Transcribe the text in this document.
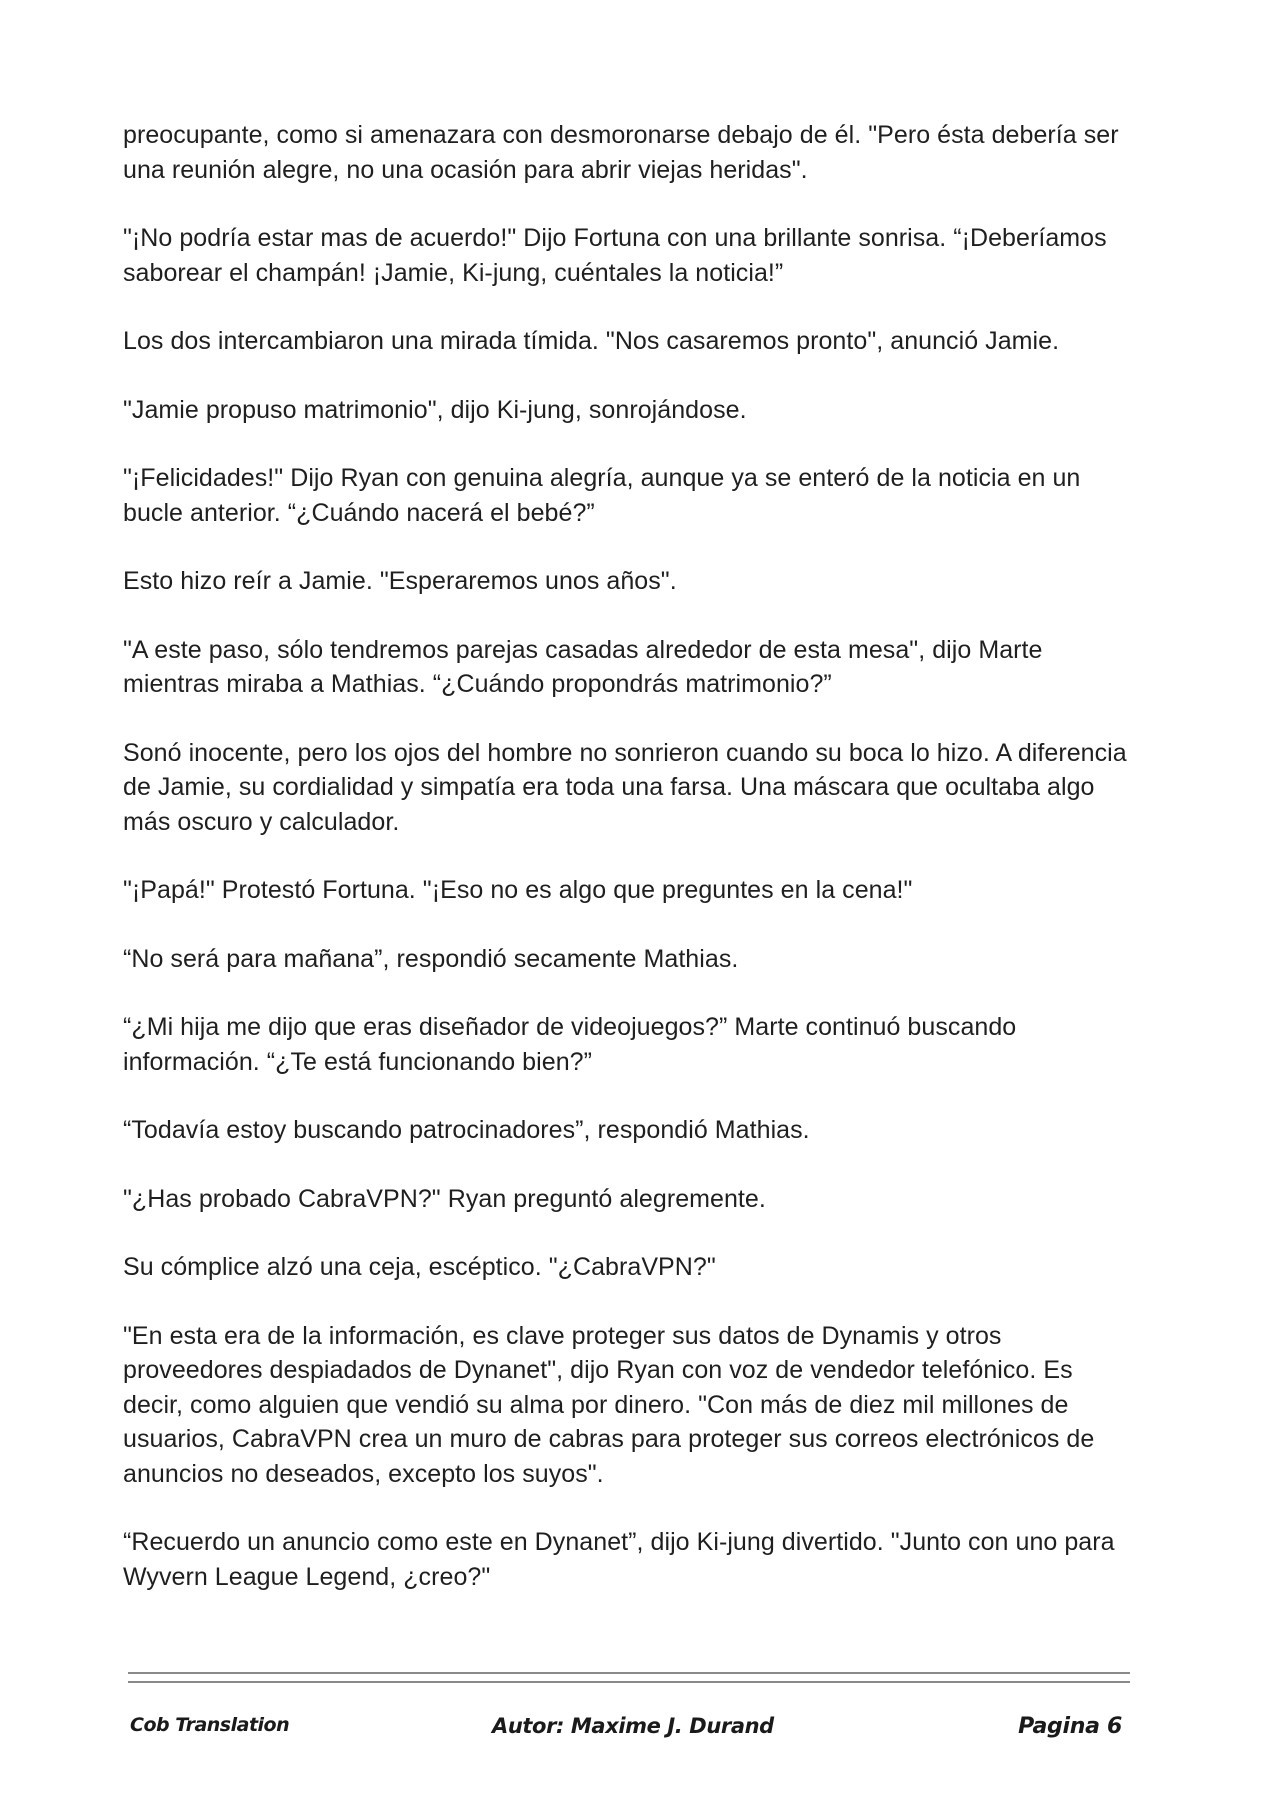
preocupante, como si amenazara con desmoronarse debajo de él. "Pero ésta debería ser una reunión alegre, no una ocasión para abrir viejas heridas".

"¡No podría estar mas de acuerdo!" Dijo Fortuna con una brillante sonrisa. “¡Deberíamos saborear el champán! ¡Jamie, Ki-jung, cuéntales la noticia!”

Los dos intercambiaron una mirada tímida. "Nos casaremos pronto", anunció Jamie.

"Jamie propuso matrimonio", dijo Ki-jung, sonrojándose.

"¡Felicidades!" Dijo Ryan con genuina alegría, aunque ya se enteró de la noticia en un bucle anterior. “¿Cuándo nacerá el bebé?”

Esto hizo reír a Jamie. "Esperaremos unos años".

"A este paso, sólo tendremos parejas casadas alrededor de esta mesa", dijo Marte mientras miraba a Mathias. “¿Cuándo propondrás matrimonio?”

Sonó inocente, pero los ojos del hombre no sonrieron cuando su boca lo hizo. A diferencia de Jamie, su cordialidad y simpatía era toda una farsa. Una máscara que ocultaba algo más oscuro y calculador.

"¡Papá!" Protestó Fortuna. "¡Eso no es algo que preguntes en la cena!"

“No será para mañana”, respondió secamente Mathias.

“¿Mi hija me dijo que eras diseñador de videojuegos?” Marte continuó buscando información. “¿Te está funcionando bien?”

“Todavía estoy buscando patrocinadores”, respondió Mathias.

"¿Has probado CabraVPN?" Ryan preguntó alegremente.

Su cómplice alzó una ceja, escéptico. "¿CabraVPN?"

"En esta era de la información, es clave proteger sus datos de Dynamis y otros proveedores despiadados de Dynanet", dijo Ryan con voz de vendedor telefónico. Es decir, como alguien que vendió su alma por dinero. "Con más de diez mil millones de usuarios, CabraVPN crea un muro de cabras para proteger sus correos electrónicos de anuncios no deseados, excepto los suyos".

“Recuerdo un anuncio como este en Dynanet”, dijo Ki-jung divertido. "Junto con uno para Wyvern League Legend, ¿creo?"

Cob Translation	Autor: Maxime J. Durand	Pagina 6
